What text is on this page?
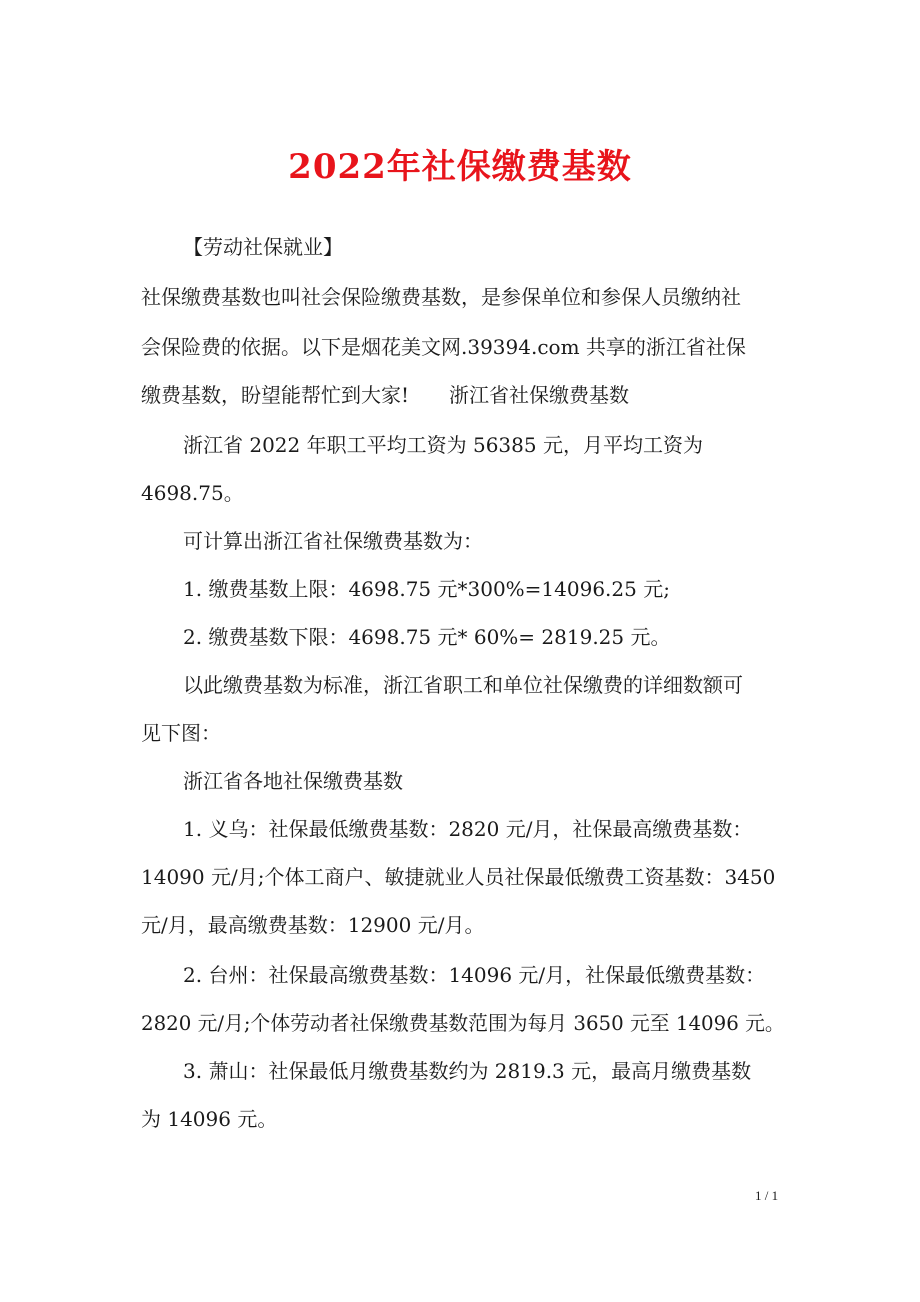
2022年社保缴费基数
【劳动社保就业】
社保缴费基数也叫社会保险缴费基数，是参保单位和参保人员缴纳社
会保险费的依据。以下是烟花美文网.39394.com 共享的浙江省社保
缴费基数，盼望能帮忙到大家! 浙江省社保缴费基数
浙江省 2022 年职工平均工资为 56385 元，月平均工资为
4698.75。
可计算出浙江省社保缴费基数为：
1. 缴费基数上限：4698.75 元*300%=14096.25 元;
2. 缴费基数下限：4698.75 元* 60%= 2819.25 元。
以此缴费基数为标准，浙江省职工和单位社保缴费的详细数额可
见下图：
浙江省各地社保缴费基数
1. 义乌：社保最低缴费基数：2820 元/月，社保最高缴费基数：
14090 元/月;个体工商户、敏捷就业人员社保最低缴费工资基数：3450
元/月，最高缴费基数：12900 元/月。
2. 台州：社保最高缴费基数：14096 元/月，社保最低缴费基数：
2820 元/月;个体劳动者社保缴费基数范围为每月 3650 元至 14096 元。
3. 萧山：社保最低月缴费基数约为 2819.3 元，最高月缴费基数
为 14096 元。
1 / 1
